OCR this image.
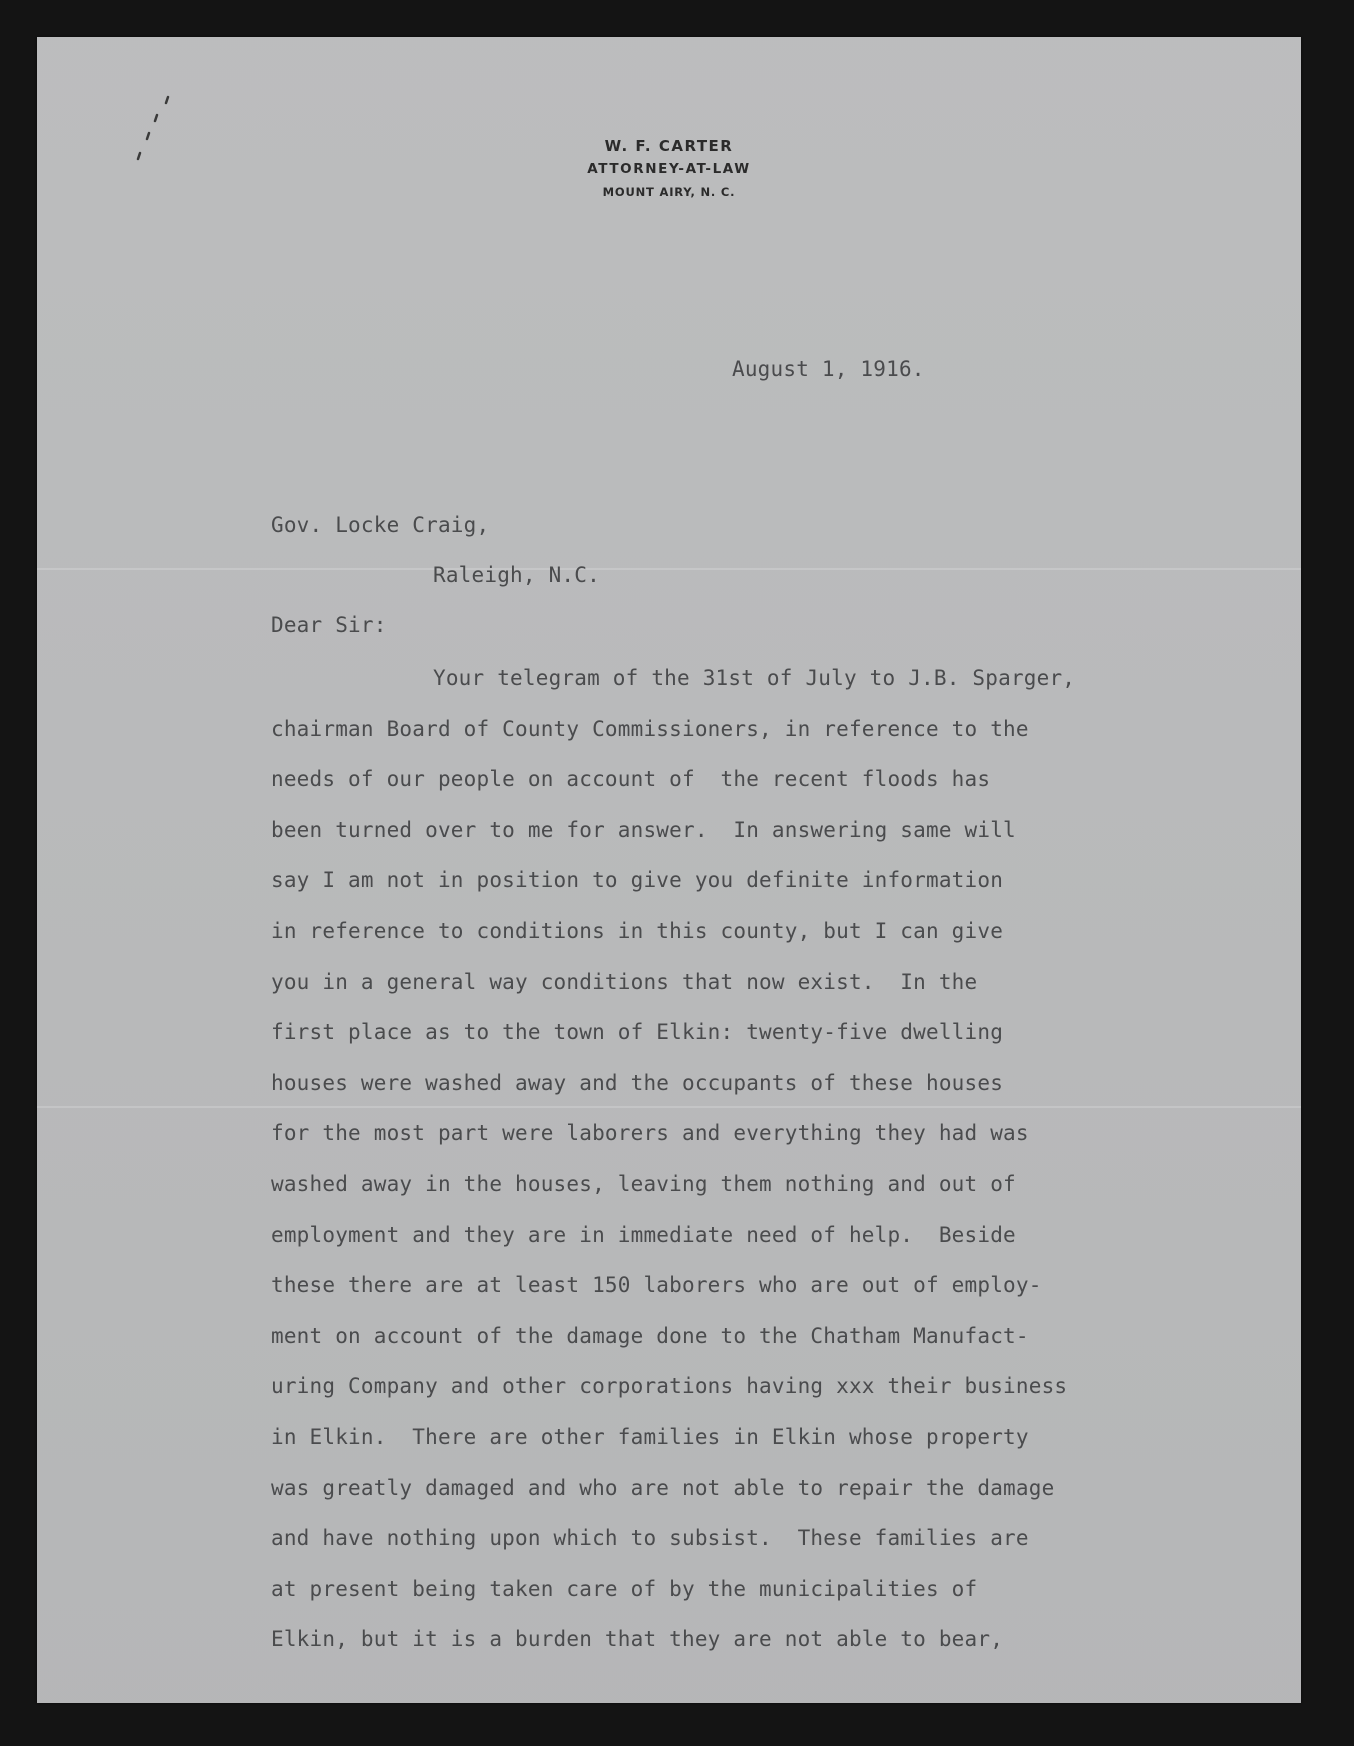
W. F. CARTER
ATTORNEY-AT-LAW
MOUNT AIRY, N. C.
August 1, 1916.
Gov. Locke Craig,
Raleigh, N.C.
Dear Sir:
Your telegram of the 31st of July to J.B. Sparger,
chairman Board of County Commissioners, in reference to the
needs of our people on account of  the recent floods has
been turned over to me for answer.  In answering same will
say I am not in position to give you definite information
in reference to conditions in this county, but I can give
you in a general way conditions that now exist.  In the
first place as to the town of Elkin: twenty-five dwelling
houses were washed away and the occupants of these houses
for the most part were laborers and everything they had was
washed away in the houses, leaving them nothing and out of
employment and they are in immediate need of help.  Beside
these there are at least 150 laborers who are out of employ-
ment on account of the damage done to the Chatham Manufact-
uring Company and other corporations having xxx their business
in Elkin.  There are other families in Elkin whose property
was greatly damaged and who are not able to repair the damage
and have nothing upon which to subsist.  These families are
at present being taken care of by the municipalities of
Elkin, but it is a burden that they are not able to bear,
